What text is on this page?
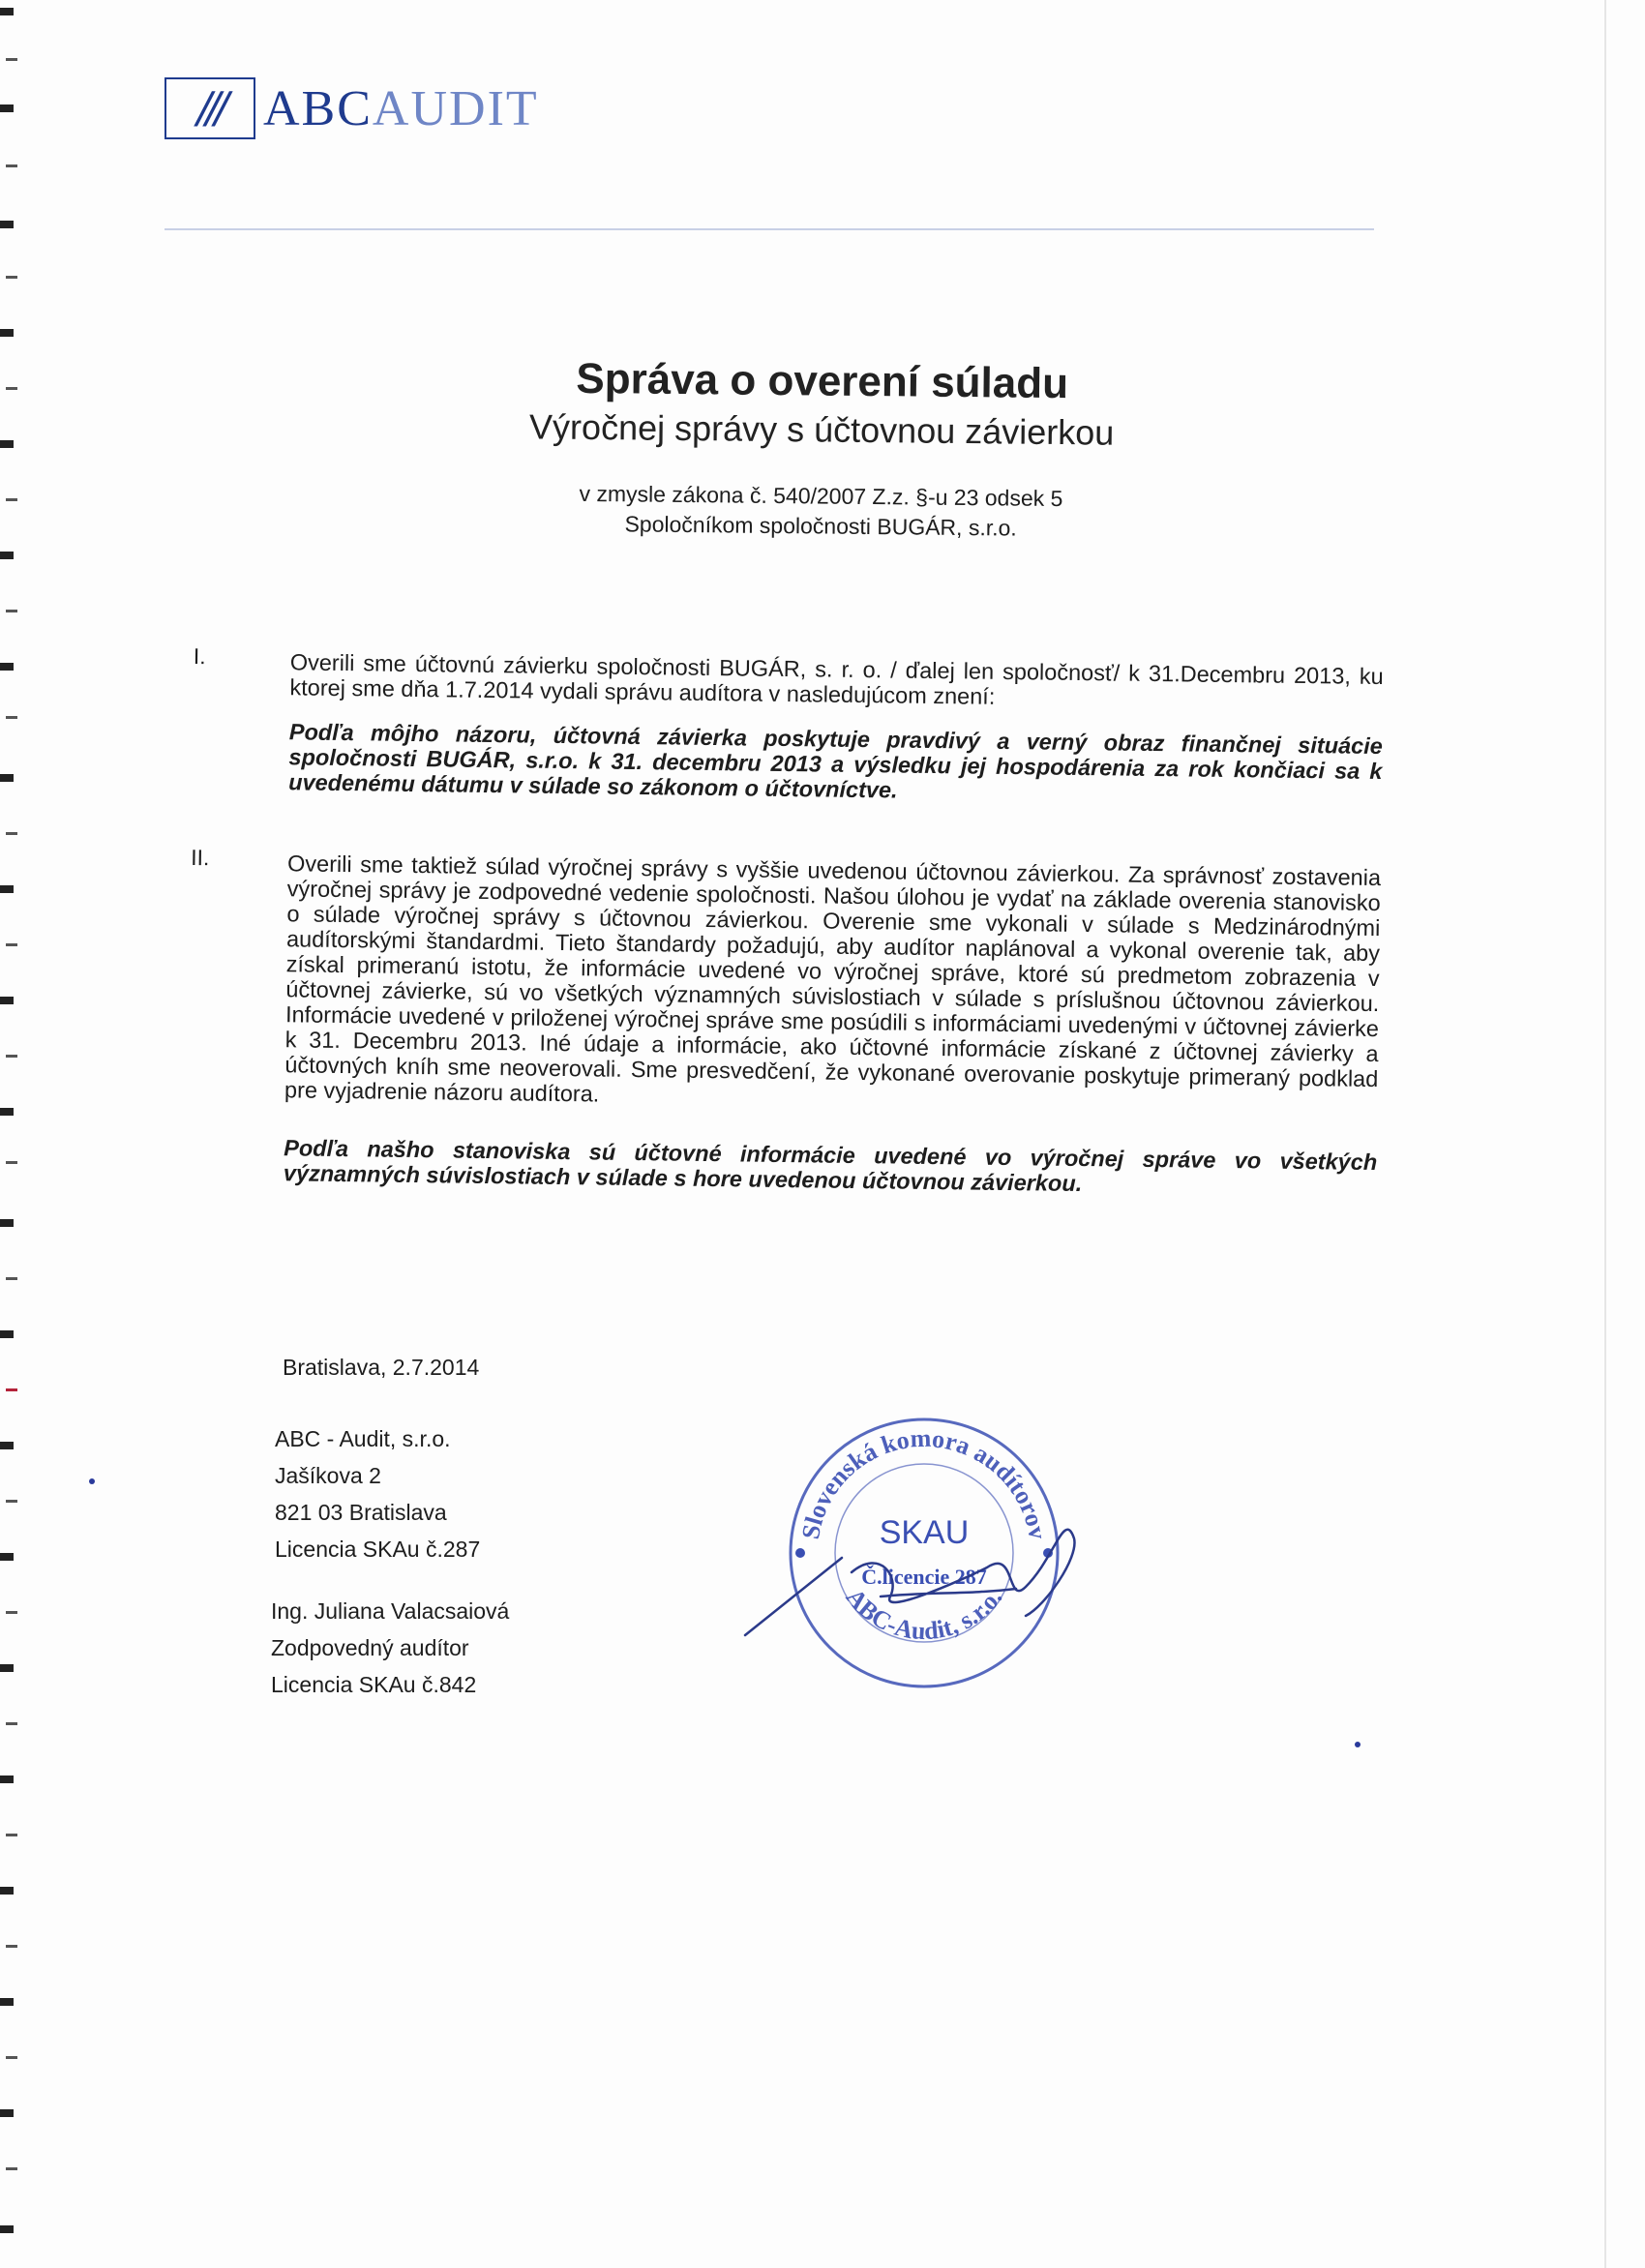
/// ABCAUDIT
Správa o overení súladu
Výročnej správy s účtovnou závierkou
v zmysle zákona č. 540/2007 Z.z. §-u 23 odsek 5
Spoločníkom spoločnosti BUGÁR, s.r.o.
I.	Overili sme účtovnú závierku spoločnosti BUGÁR, s. r. o. / ďalej len spoločnosť/ k 31.Decembru 2013, ku ktorej sme dňa 1.7.2014 vydali správu audítora v nasledujúcom znení:
Podľa môjho názoru, účtovná závierka poskytuje pravdivý a verný obraz finančnej situácie spoločnosti BUGÁR, s.r.o. k 31. decembru 2013 a výsledku jej hospodárenia za rok končiaci sa k uvedenému dátumu v súlade so zákonom o účtovníctve.
II.	Overili sme taktiež súlad výročnej správy s vyššie uvedenou účtovnou závierkou. Za správnosť zostavenia výročnej správy je zodpovedné vedenie spoločnosti. Našou úlohou je vydať na základe overenia stanovisko o súlade výročnej správy s účtovnou závierkou. Overenie sme vykonali v súlade s Medzinárodnými audítorskými štandardmi. Tieto štandardy požadujú, aby audítor naplánoval a vykonal overenie tak, aby získal primeranú istotu, že informácie uvedené vo výročnej správe, ktoré sú predmetom zobrazenia v účtovnej závierke, sú vo všetkých významných súvislostiach v súlade s príslušnou účtovnou závierkou. Informácie uvedené v priloženej výročnej správe sme posúdili s informáciami uvedenými v účtovnej závierke k 31. Decembru 2013. Iné údaje a informácie, ako účtovné informácie získané z účtovnej závierky a účtovných kníh sme neoverovali. Sme presvedčení, že vykonané overovanie poskytuje primeraný podklad pre vyjadrenie názoru audítora.
Podľa našho stanoviska sú účtovné informácie uvedené vo výročnej správe vo všetkých významných súvislostiach v súlade s hore uvedenou účtovnou závierkou.
Bratislava, 2.7.2014
ABC - Audit, s.r.o.
Jašíkova 2
821 03 Bratislava
Licencia SKAu č.287
Ing. Juliana Valacsaiová
Zodpovedný audítor
Licencia SKAu č.842
Slovenská komora audítorov
ABC-Audit, s.r.o.
SKAU
Č.licencie 287
